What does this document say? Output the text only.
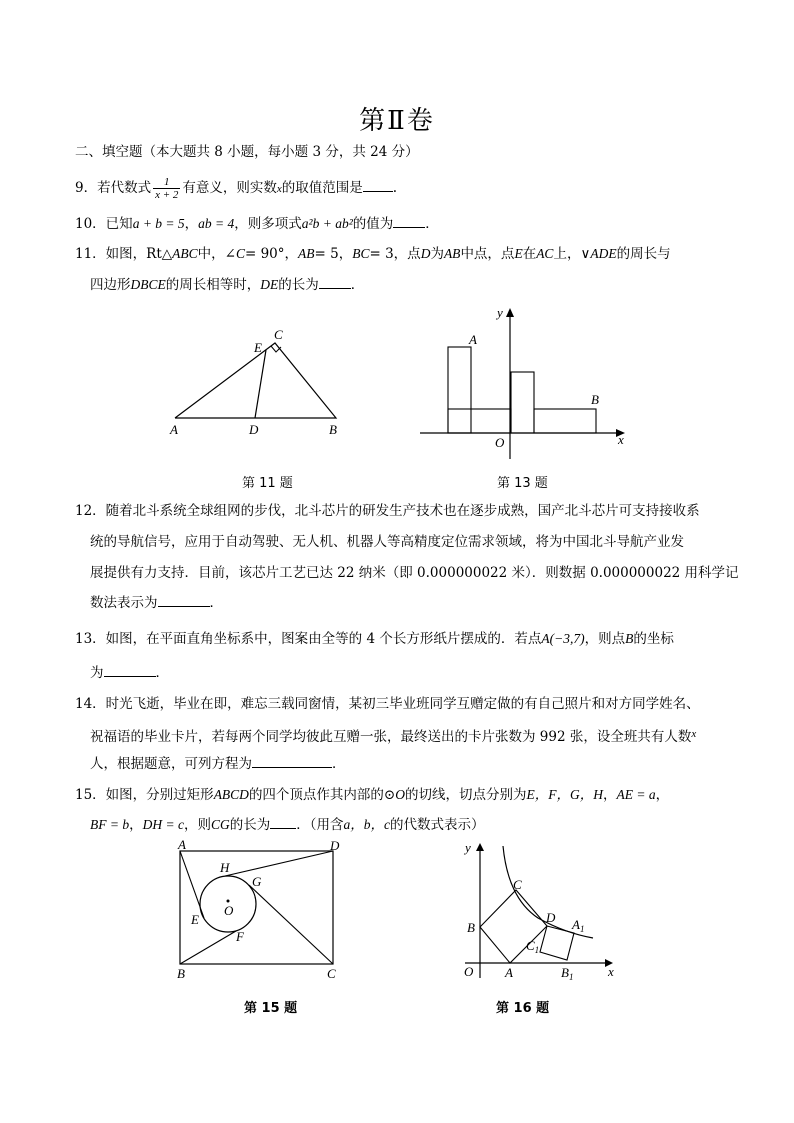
第Ⅱ卷
二、填空题（本大题共 8 小题，每小题 3 分，共 24 分）
9．若代数式 $\frac{1}{x + 2}$ 有意义，则实数x的取值范围是 .
10．已知a + b = 5，ab = 4，则多项式a²b + ab²的值为 ．
11．如图，Rt△ABC中，∠C= 90°，AB= 5，BC= 3，点D为AB中点，点E在AC上，∨ADE的周长与
四边形DBCE的周长相等时，DE的长为 ．
A	D	B
C
E
第 11 题
A
B
O	x
y
第 13 题
12．随着北斗系统全球组网的步伐，北斗芯片的研发生产技术也在逐步成熟，国产北斗芯片可支持接收系
统的导航信号，应用于自动驾驶、无人机、机器人等高精度定位需求领域，将为中国北斗导航产业发
展提供有力支持．目前，该芯片工艺已达 22 纳米（即 0.000000022 米）．则数据 0.000000022 用科学记
数法表示为	．
13．如图，在平面直角坐标系中，图案由全等的 4 个长方形纸片摆成的．若点A(−3,7)，则点B的坐标
为	．
14．时光飞逝，毕业在即，难忘三载同窗情，某初三毕业班同学互赠定做的有自己照片和对方同学姓名、
祝福语的毕业卡片，若每两个同学均彼此互赠一张，最终送出的卡片张数为 992 张，设全班共有人数$^x$
人，根据题意，可列方程为	．
15．如图，分别过矩形ABCD的四个顶点作其内部的⊙O的切线，切点分别为E，F，G，H，AE = a，
BF = b，DH = c，则CG的长为 ．（用含a，b，c的代数式表示）
A	D
B	C
H
G
E
F
O
第 15 题
B
A
C
D $A_1$
$C_1$
$B_1$
O	x
y
第 16 题
